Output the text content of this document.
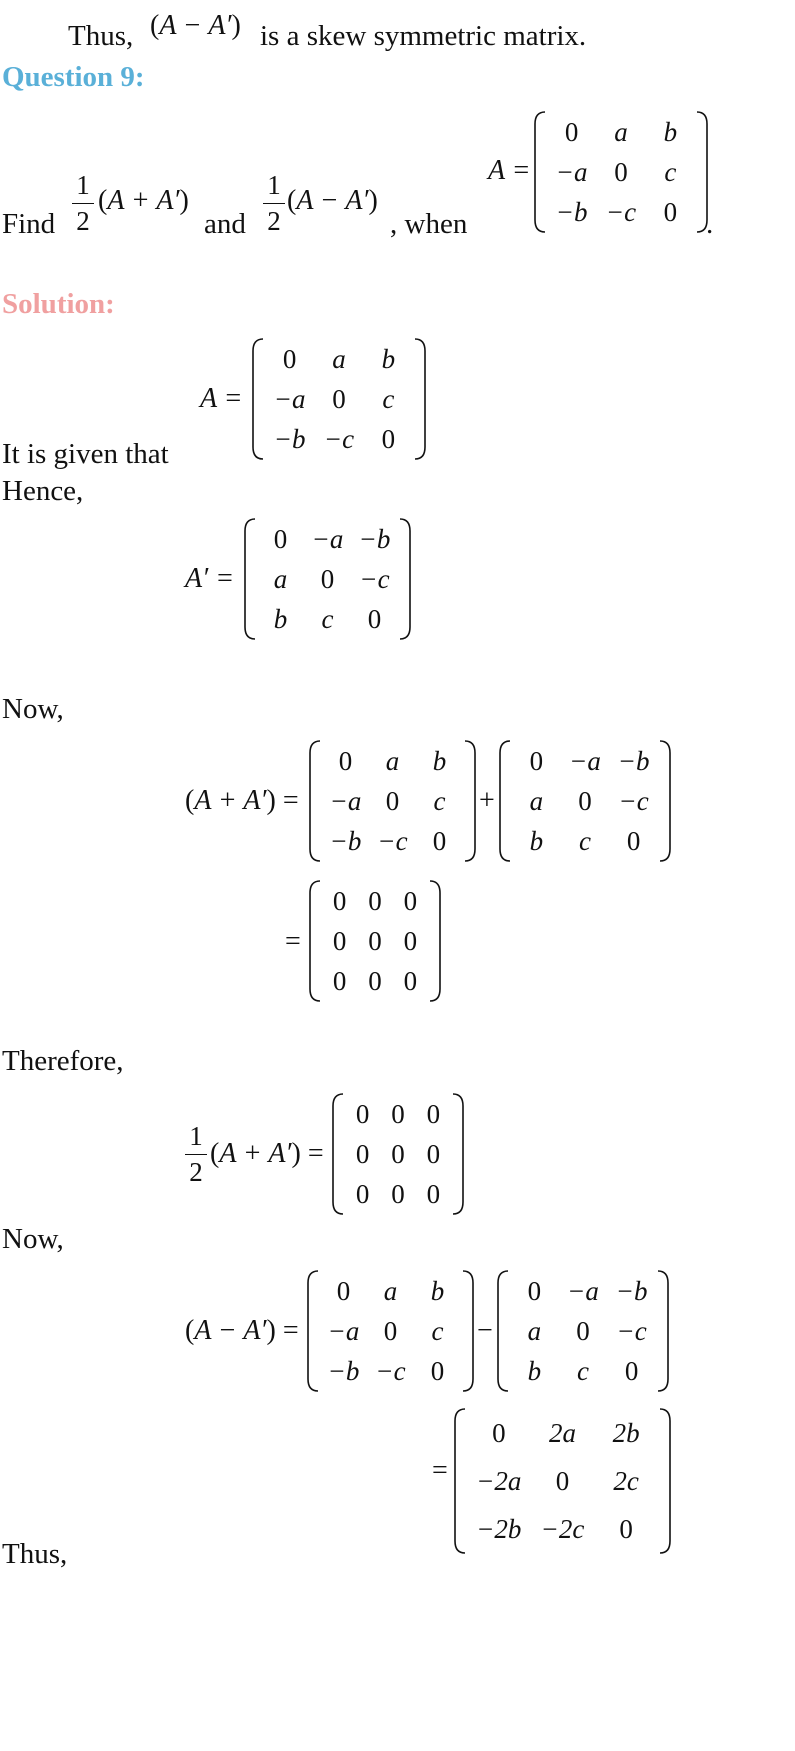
Thus, (A − A′) is a skew symmetric matrix.
Question 9:
Find
1
2
(A + A′)
and
1
2
(A − A′)
, when
A =
0 a b
−a 0 c
−b −c 0 .
Solution:
A =
0 a b
−a 0 c
−b −c 0
It is given that
Hence,
A′ =
0 −a −b
a 0 −c
b c 0
Now,
(A + A′) =
0 a b
−a 0 c
−b −c 0
+
0 −a −b
a 0 −c
b c 0
=
0 0 0
0 0 0
0 0 0
Therefore,
1
2
(A + A′) =
0 0 0
0 0 0
0 0 0
Now,
(A − A′) =
0 a b
−a 0 c
−b −c 0
−
0 −a −b
a 0 −c
b c 0
=
0 2a 2b
−2a 0 2c
−2b −2c 0
Thus,
